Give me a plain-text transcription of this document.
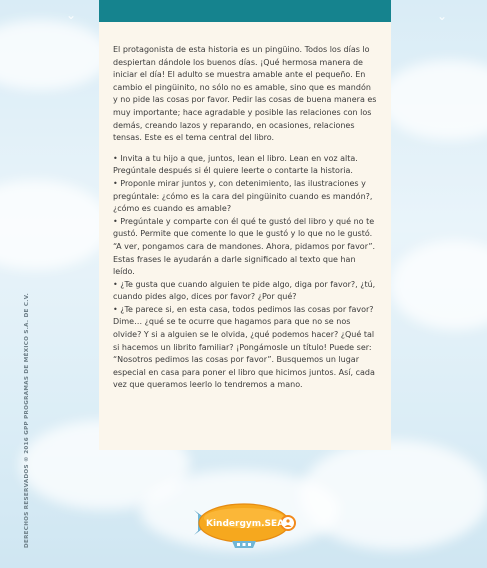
⌄	⌄

El protagonista de esta historia es un pingüino. Todos los días lo despiertan dándole los buenos días. ¡Qué hermosa manera de iniciar el día! El adulto se muestra amable ante el pequeño. En cambio el pingüinito, no sólo no es amable, sino que es mandón y no pide las cosas por favor. Pedir las cosas de buena manera es muy importante; hace agradable y posible las relaciones con los demás, creando lazos y reparando, en ocasiones, relaciones tensas. Este es el tema central del libro.

• Invita a tu hijo a que, juntos, lean el libro. Lean en voz alta. Pregúntale después si él quiere leerte o contarte la historia.

• Proponle mirar juntos y, con detenimiento, las ilustraciones y pregúntale: ¿cómo es la cara del pingüinito cuando es mandón?, ¿cómo es cuando es amable?

• Pregúntale y comparte con él qué te gustó del libro y qué no te gustó. Permite que comente lo que le gustó y lo que no le gustó. “A ver, pongamos cara de mandones. Ahora, pidamos por favor”. Estas frases le ayudarán a darle significado al texto que han leído.

• ¿Te gusta que cuando alguien te pide algo, diga por favor?, ¿tú, cuando pides algo, dices por favor? ¿Por qué?

• ¿Te parece si, en esta casa, todos pedimos las cosas por favor? Dime… ¿qué se te ocurre que hagamos para que no se nos olvide? Y si a alguien se le olvida, ¿qué podemos hacer? ¿Qué tal si hacemos un librito familiar? ¡Pongámosle un título! Puede ser: “Nosotros pedimos las cosas por favor”. Busquemos un lugar especial en casa para poner el libro que hicimos juntos. Así, cada vez que queramos leerlo lo tendremos a mano.

DERECHOS RESERVADOS © 2016 GPP PROGRAMAS DE MÉXICO S.A. DE C.V.	Kindergym.SEA
